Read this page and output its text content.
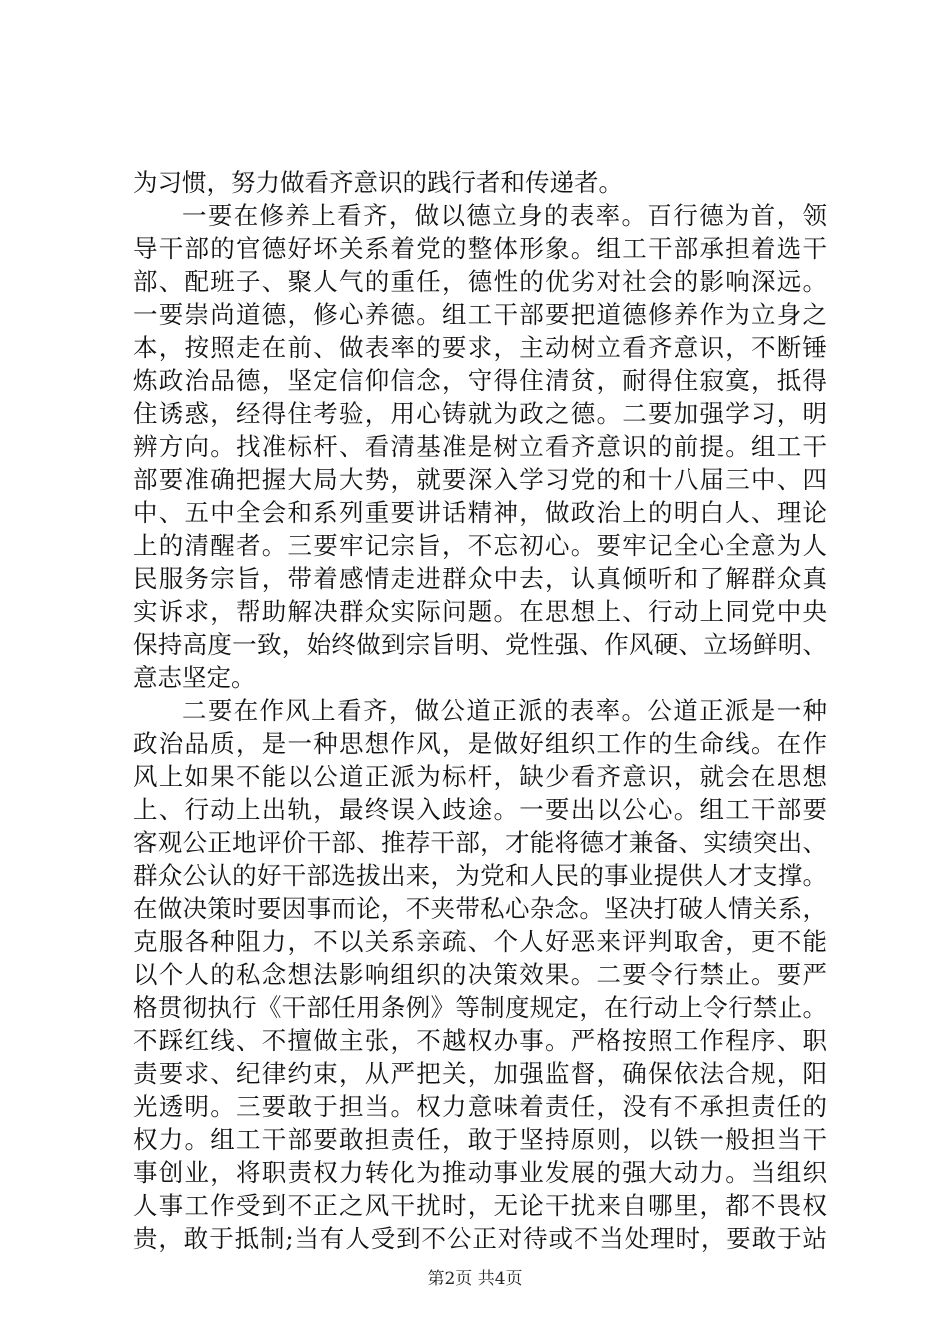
为习惯，努力做看齐意识的践行者和传递者。
一要在修养上看齐，做以德立身的表率。百行德为首，领
导干部的官德好坏关系着党的整体形象。组工干部承担着选干
部、配班子、聚人气的重任，德性的优劣对社会的影响深远。
一要崇尚道德，修心养德。组工干部要把道德修养作为立身之
本，按照走在前、做表率的要求，主动树立看齐意识，不断锤
炼政治品德，坚定信仰信念，守得住清贫，耐得住寂寞，抵得
住诱惑，经得住考验，用心铸就为政之德。二要加强学习，明
辨方向。找准标杆、看清基准是树立看齐意识的前提。组工干
部要准确把握大局大势，就要深入学习党的和十八届三中、四
中、五中全会和系列重要讲话精神，做政治上的明白人、理论
上的清醒者。三要牢记宗旨，不忘初心。要牢记全心全意为人
民服务宗旨，带着感情走进群众中去，认真倾听和了解群众真
实诉求，帮助解决群众实际问题。在思想上、行动上同党中央
保持高度一致，始终做到宗旨明、党性强、作风硬、立场鲜明、
意志坚定。
二要在作风上看齐，做公道正派的表率。公道正派是一种
政治品质，是一种思想作风，是做好组织工作的生命线。在作
风上如果不能以公道正派为标杆，缺少看齐意识，就会在思想
上、行动上出轨，最终误入歧途。一要出以公心。组工干部要
客观公正地评价干部、推荐干部，才能将德才兼备、实绩突出、
群众公认的好干部选拔出来，为党和人民的事业提供人才支撑。
在做决策时要因事而论，不夹带私心杂念。坚决打破人情关系，
克服各种阻力，不以关系亲疏、个人好恶来评判取舍，更不能
以个人的私念想法影响组织的决策效果。二要令行禁止。要严
格贯彻执行《干部任用条例》等制度规定，在行动上令行禁止。
不踩红线、不擅做主张，不越权办事。严格按照工作程序、职
责要求、纪律约束，从严把关，加强监督，确保依法合规，阳
光透明。三要敢于担当。权力意味着责任，没有不承担责任的
权力。组工干部要敢担责任，敢于坚持原则，以铁一般担当干
事创业，将职责权力转化为推动事业发展的强大动力。当组织
人事工作受到不正之风干扰时，无论干扰来自哪里，都不畏权
贵，敢于抵制;当有人受到不公正对待或不当处理时，要敢于站
第2页 共4页
